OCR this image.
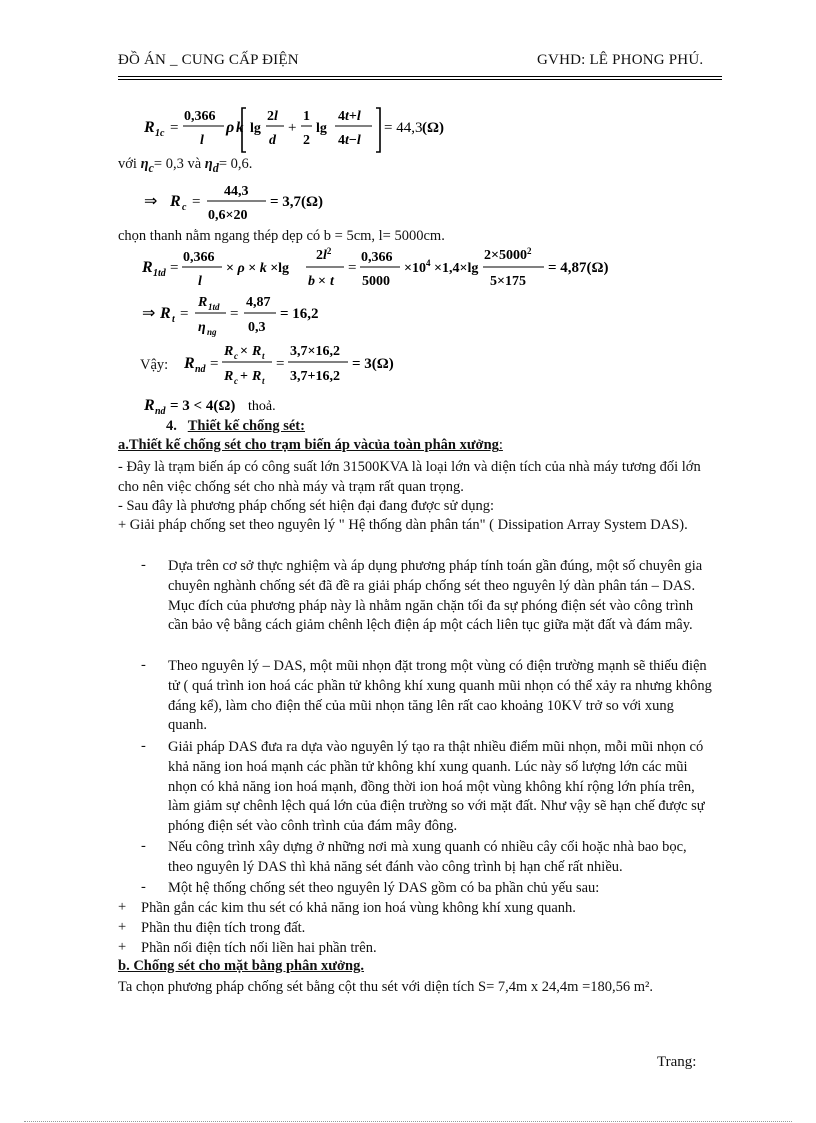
ĐỒ ÁN _ CUNG CẤP ĐIỆN	GVHD: LÊ PHONG PHÚ.
R 1c =
0,366
l
ρ k lg
2l
d
+
1
2
lg
4t+l
4t−l
= 44,3 (Ω)
với $\eta_c= 0,3$ và $\eta_d= 0,6$.
⇒ R c =
44,3
0,6×20
= 3,7(Ω)
chọn thanh nằm ngang thép dẹp có b = 5cm, l= 5000cm.
R 1td =
0,366
l
× ρ × k ×lg
$2l^2$
b × t
=
0,366
5000
$\times 10^4 \times 1,4\times\lg$
$2\times 5000^2$
5×175
= 4,87(Ω)
⇒ R t =
R 1td
η ng
=
4,87
0,3
= 16,2
Vậy: R nd =
R c × R t
R c + R t
=
3,7×16,2
3,7+16,2
= 3(Ω)
R nd = 3 < 4(Ω) thoả.
4. Thiết kế chống sét:
a.Thiết kế chống sét cho trạm biến áp vàcủa toàn phân xưởng:
- Đây là trạm biến áp có công suất lớn 31500KVA là loại lớn và diện tích của nhà máy tương đối lớn cho nên việc chống sét cho nhà máy và trạm rất quan trọng.
- Sau đây là phương pháp chống sét hiện đại đang được sử dụng:
+ Giải pháp chống set theo nguyên lý " Hệ thống dàn phân tán" ( Dissipation Array System DAS).
-	Dựa trên cơ sở thực nghiệm và áp dụng phương pháp tính toán gần đúng, một số chuyên gia chuyên nghành chống sét đã đề ra giải pháp chống sét theo nguyên lý dàn phân tán – DAS. Mục đích của phương pháp này là nhằm ngăn chặn tối đa sự phóng điện sét vào công trình cần bảo vệ bằng cách giảm chênh lệch điện áp một cách liên tục giữa mặt đất và đám mây.
-	Theo nguyên lý – DAS, một mũi nhọn đặt trong một vùng có điện trường mạnh sẽ thiếu điện tử ( quá trình ion hoá các phần tử không khí xung quanh mũi nhọn có thể xảy ra nhưng không đáng kể), làm cho điện thế của mũi nhọn tăng lên rất cao khoảng 10KV trở so với xung quanh.
-	Giải pháp DAS đưa ra dựa vào nguyên lý tạo ra thật nhiều điểm mũi nhọn, mỗi mũi nhọn có khả năng ion hoá mạnh các phần tử không khí xung quanh. Lúc này số lượng lớn các mũi nhọn có khả năng ion hoá mạnh, đồng thời ion hoá một vùng không khí rộng lớn phía trên, làm giảm sự chênh lệch quá lớn của điện trường so với mặt đất. Như vậy sẽ hạn chế được sự phóng điện sét vào cônh trình của đám mây đông.
-	Nếu công trình xây dựng ở những nơi mà xung quanh có nhiều cây cối hoặc nhà bao bọc, theo nguyên lý DAS thì khả năng sét đánh vào công trình bị hạn chế rất nhiều.
-	Một hệ thống chống sét theo nguyên lý DAS gồm có ba phần chủ yếu sau:
+ Phần gắn các kim thu sét có khả năng ion hoá vùng không khí xung quanh.
+ Phần thu điện tích trong đất.
+ Phần nối điện tích nối liền hai phần trên.
b. Chống sét cho mặt bằng phân xưởng.
Ta chọn phương pháp chống sét bằng cột thu sét với diện tích S= 7,4m x 24,4m =180,56 m².
Trang:
